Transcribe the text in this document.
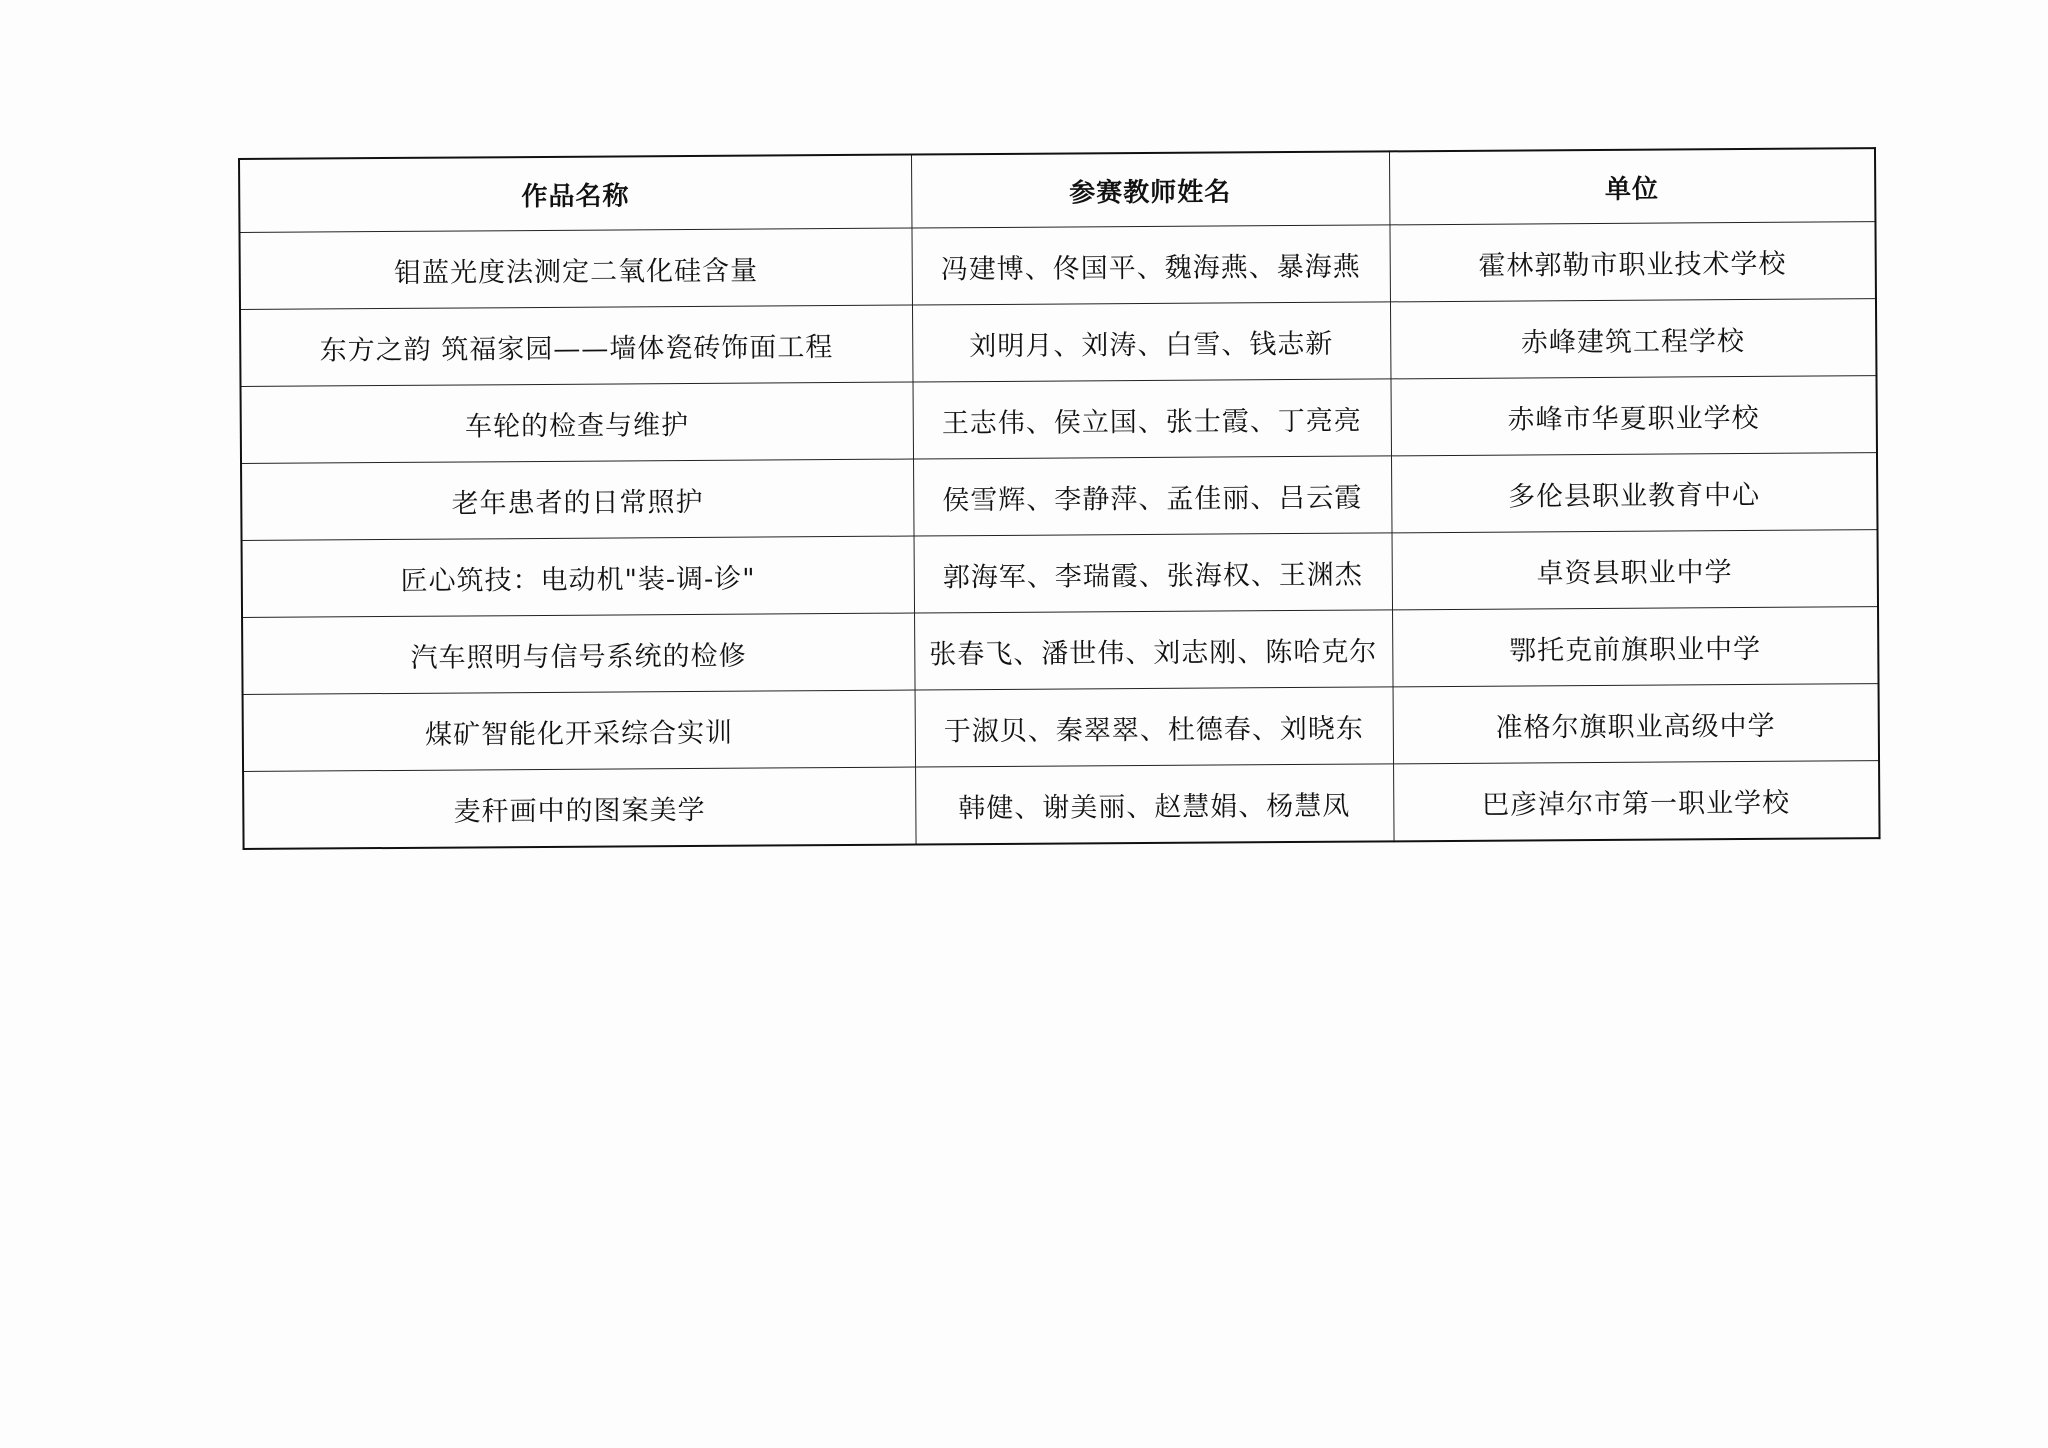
作品名称	参赛教师姓名	单位
钼蓝光度法测定二氧化硅含量	冯建博、佟国平、魏海燕、暴海燕	霍林郭勒市职业技术学校
东方之韵 筑福家园——墙体瓷砖饰面工程	刘明月、刘涛、白雪、钱志新	赤峰建筑工程学校
车轮的检查与维护	王志伟、侯立国、张士霞、丁亮亮	赤峰市华夏职业学校
老年患者的日常照护	侯雪辉、李静萍、孟佳丽、吕云霞	多伦县职业教育中心
匠心筑技：电动机"装-调-诊"	郭海军、李瑞霞、张海权、王渊杰	卓资县职业中学
汽车照明与信号系统的检修	张春飞、潘世伟、刘志刚、陈哈克尔	鄂托克前旗职业中学
煤矿智能化开采综合实训	于淑贝、秦翠翠、杜德春、刘晓东	准格尔旗职业高级中学
麦秆画中的图案美学	韩健、谢美丽、赵慧娟、杨慧凤	巴彦淖尔市第一职业学校
